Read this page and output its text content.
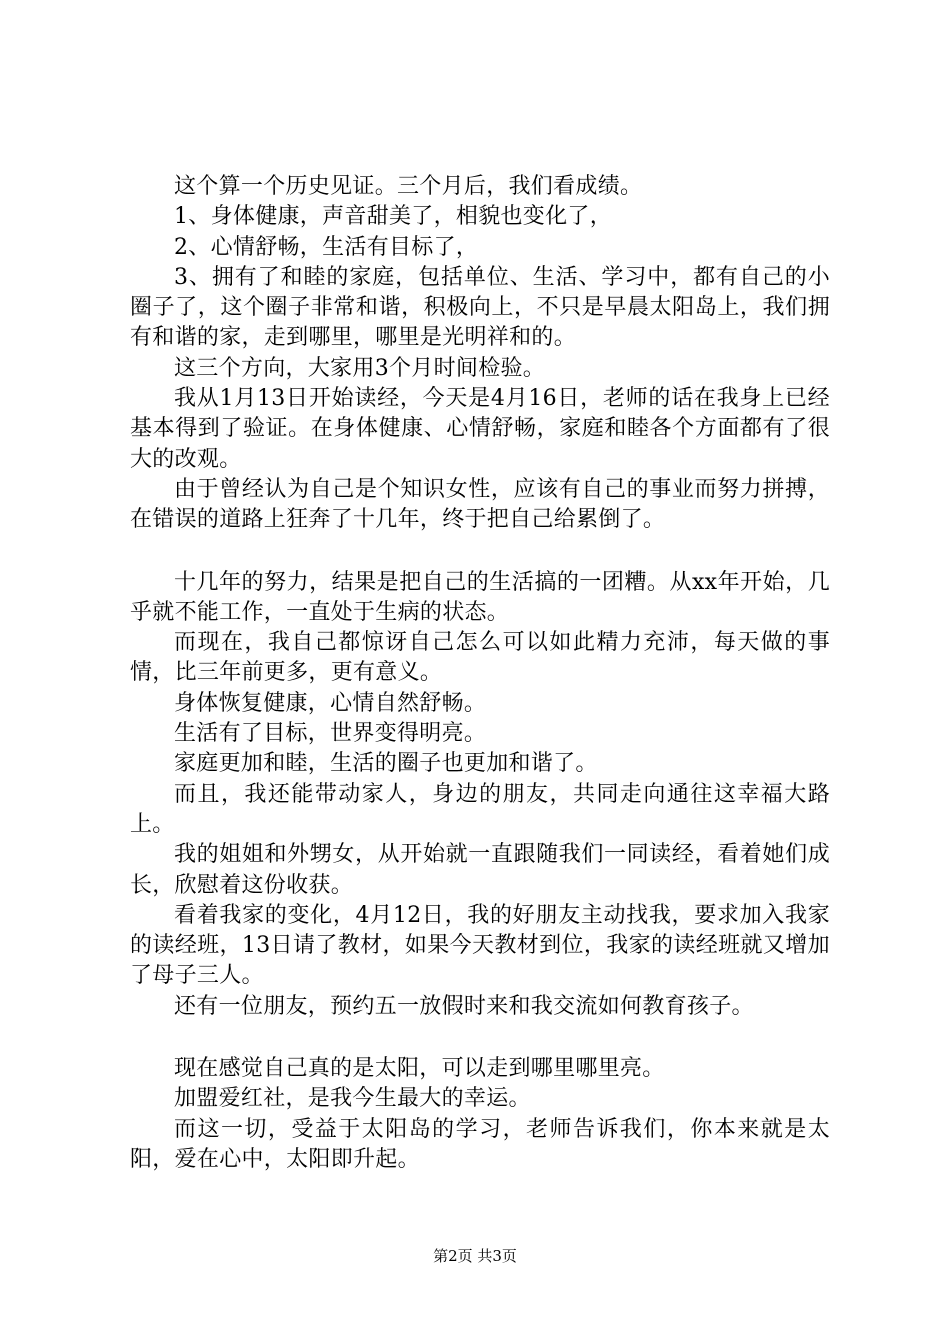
这个算一个历史见证。三个月后，我们看成绩。

1、身体健康，声音甜美了，相貌也变化了，

2、心情舒畅，生活有目标了，

3、拥有了和睦的家庭，包括单位、生活、学习中，都有自己的小圈子了，这个圈子非常和谐，积极向上，不只是早晨太阳岛上，我们拥有和谐的家，走到哪里，哪里是光明祥和的。

这三个方向，大家用3个月时间检验。

我从1月13日开始读经，今天是4月16日，老师的话在我身上已经基本得到了验证。在身体健康、心情舒畅，家庭和睦各个方面都有了很大的改观。

由于曾经认为自己是个知识女性，应该有自己的事业而努力拼搏，在错误的道路上狂奔了十几年，终于把自己给累倒了。

十几年的努力，结果是把自己的生活搞的一团糟。从xx年开始，几乎就不能工作，一直处于生病的状态。

而现在，我自己都惊讶自己怎么可以如此精力充沛，每天做的事情，比三年前更多，更有意义。

身体恢复健康，心情自然舒畅。

生活有了目标，世界变得明亮。

家庭更加和睦，生活的圈子也更加和谐了。

而且，我还能带动家人，身边的朋友，共同走向通往这幸福大路上。

我的姐姐和外甥女，从开始就一直跟随我们一同读经，看着她们成长，欣慰着这份收获。

看着我家的变化，4月12日，我的好朋友主动找我，要求加入我家的读经班，13日请了教材，如果今天教材到位，我家的读经班就又增加了母子三人。

还有一位朋友，预约五一放假时来和我交流如何教育孩子。

现在感觉自己真的是太阳，可以走到哪里哪里亮。

加盟爱红社，是我今生最大的幸运。

而这一切，受益于太阳岛的学习，老师告诉我们，你本来就是太阳，爱在心中，太阳即升起。

第2页 共3页
